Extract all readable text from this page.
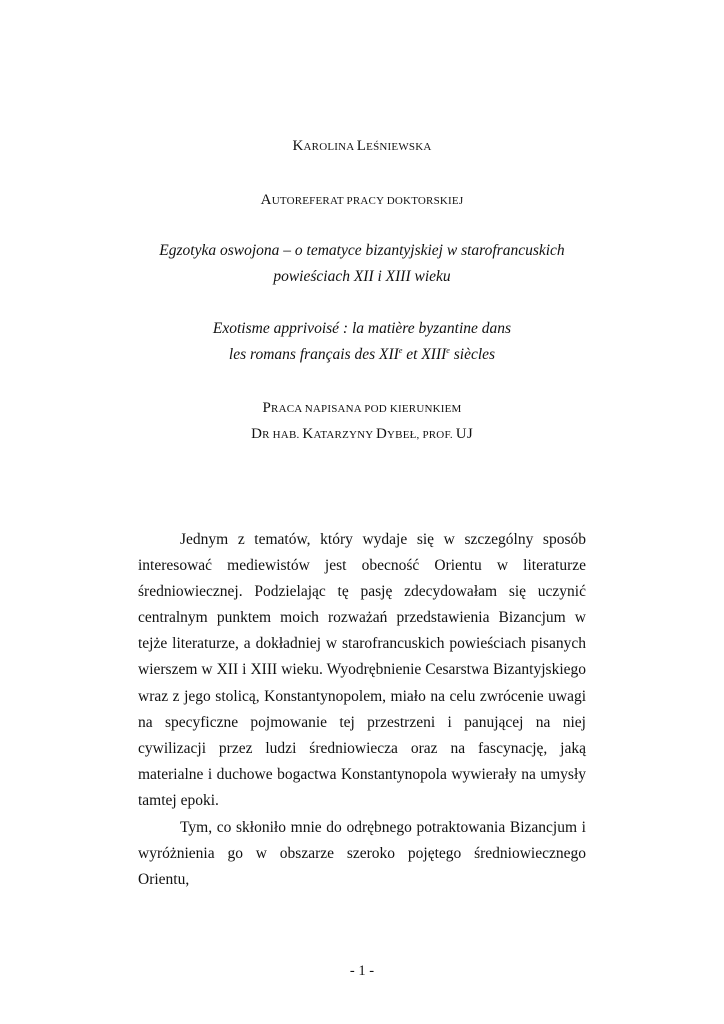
KAROLINA LEŚNIEWSKA
AUTOREFERAT PRACY DOKTORSKIEJ
Egzotyka oswojona – o tematyce bizantyjskiej w starofrancuskich
powieściach XII i XIII wieku
Exotisme apprivoisé : la matière byzantine dans
les romans français des XIIe et XIIIe siècles
PRACA NAPISANA POD KIERUNKIEM
DR HAB. KATARZYNY DYBEŁ, PROF. UJ
Jednym z tematów, który wydaje się w szczególny sposób interesować mediewistów jest obecność Orientu w literaturze średniowiecznej. Podzielając tę pasję zdecydowałam się uczynić centralnym punktem moich rozważań przedstawienia Bizancjum w tejże literaturze, a dokładniej w starofrancuskich powieściach pisanych wierszem w XII i XIII wieku. Wyodrębnienie Cesarstwa Bizantyjskiego wraz z jego stolicą, Konstantynopolem, miało na celu zwrócenie uwagi na specyficzne pojmowanie tej przestrzeni i panującej na niej cywilizacji przez ludzi średniowiecza oraz na fascynację, jaką materialne i duchowe bogactwa Konstantynopola wywierały na umysły tamtej epoki.
Tym, co skłoniło mnie do odrębnego potraktowania Bizancjum i wyróżnienia go w obszarze szeroko pojętego średniowiecznego Orientu,
- 1 -
